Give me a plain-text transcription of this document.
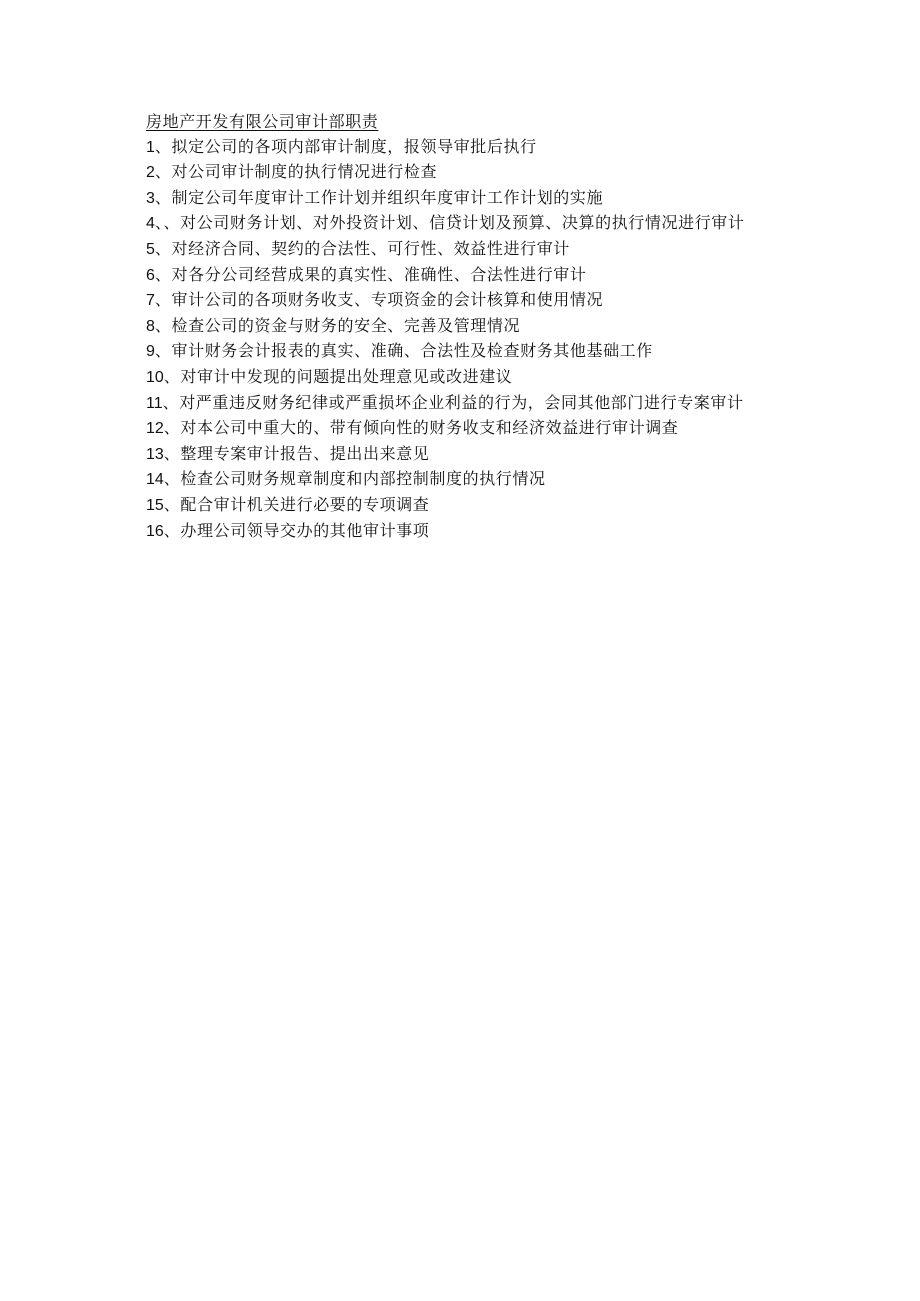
房地产开发有限公司审计部职责
1、拟定公司的各项内部审计制度，报领导审批后执行
2、对公司审计制度的执行情况进行检查
3、制定公司年度审计工作计划并组织年度审计工作计划的实施
4、、对公司财务计划、对外投资计划、信贷计划及预算、决算的执行情况进行审计
5、对经济合同、契约的合法性、可行性、效益性进行审计
6、对各分公司经营成果的真实性、准确性、合法性进行审计
7、审计公司的各项财务收支、专项资金的会计核算和使用情况
8、检查公司的资金与财务的安全、完善及管理情况
9、审计财务会计报表的真实、准确、合法性及检查财务其他基础工作
10、对审计中发现的问题提出处理意见或改进建议
11、对严重违反财务纪律或严重损坏企业利益的行为，会同其他部门进行专案审计
12、对本公司中重大的、带有倾向性的财务收支和经济效益进行审计调查
13、整理专案审计报告、提出出来意见
14、检查公司财务规章制度和内部控制制度的执行情况
15、配合审计机关进行必要的专项调查
16、办理公司领导交办的其他审计事项
